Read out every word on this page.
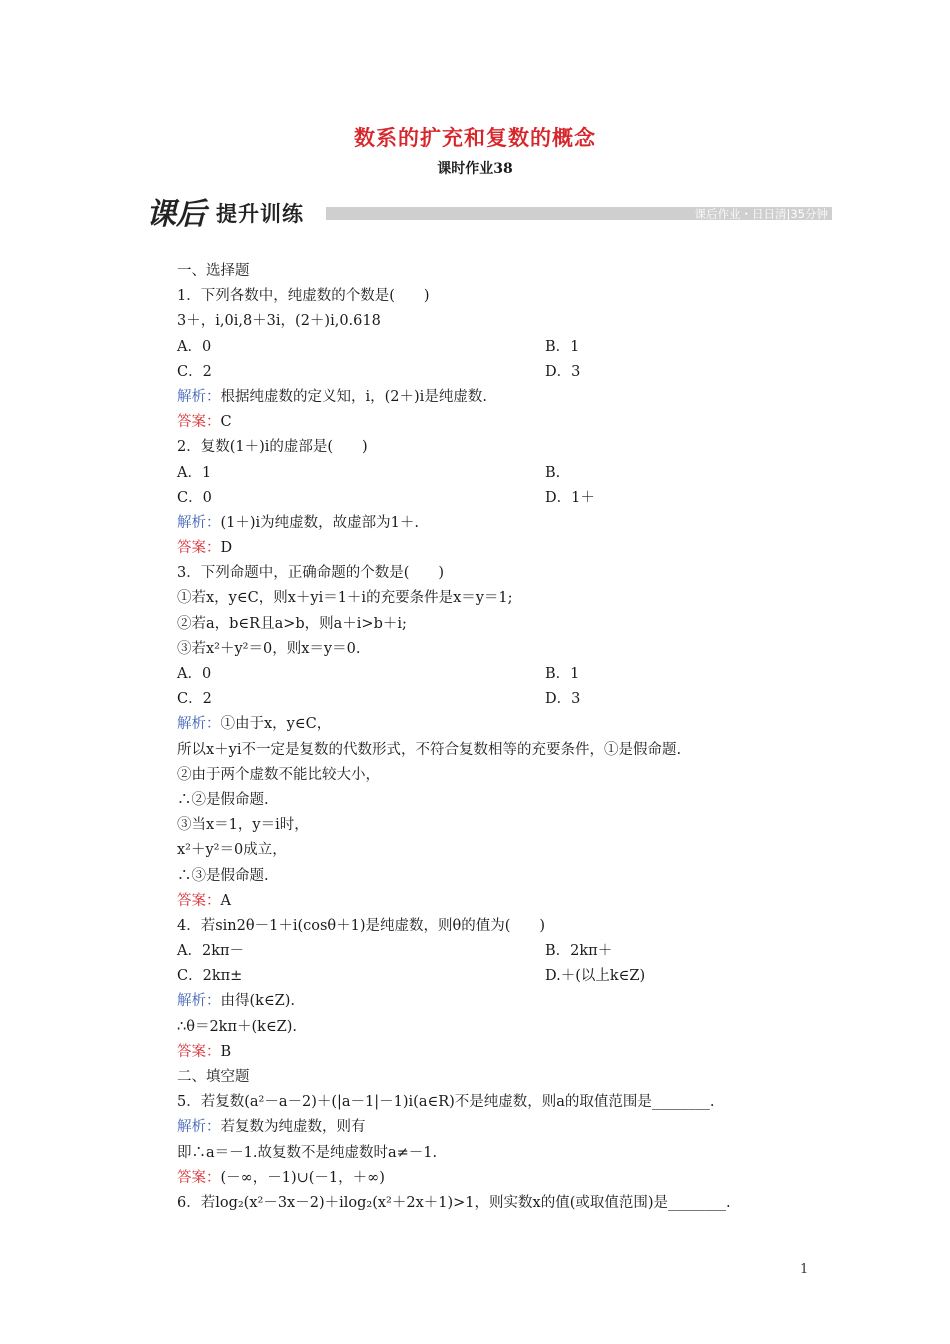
数系的扩充和复数的概念
课时作业38
课后 提升训练	课后作业・日日清|35分钟
一、选择题
1．下列各数中，纯虚数的个数是(　　)
3＋，i,0i,8＋3i，(2＋)i,0.618
A．0	B．1
C．2	D．3
解析：根据纯虚数的定义知，i，(2＋)i是纯虚数.
答案：C
2．复数(1＋)i的虚部是(　　)
A．1	B.
C．0	D．1＋
解析：(1＋)i为纯虚数，故虚部为1＋.
答案：D
3．下列命题中，正确命题的个数是(　　)
①若x，y∈C，则x＋yi＝1＋i的充要条件是x＝y＝1;
②若a，b∈R且a>b，则a＋i>b＋i;
③若x²＋y²＝0，则x＝y＝0.
A．0	B．1
C．2	D．3
解析：①由于x，y∈C，
所以x＋yi不一定是复数的代数形式，不符合复数相等的充要条件，①是假命题.
②由于两个虚数不能比较大小，
∴②是假命题.
③当x＝1，y＝i时，
x²＋y²＝0成立，
∴③是假命题.
答案：A
4．若sin2θ－1＋i(cosθ＋1)是纯虚数，则θ的值为(　　)
A．2kπ－	B．2kπ＋
C．2kπ±	D.＋(以上k∈Z)
解析：由得(k∈Z).
∴θ＝2kπ＋(k∈Z).
答案：B
二、填空题
5．若复数(a²－a－2)＋(|a－1|－1)i(a∈R)不是纯虚数，则a的取值范围是________.
解析：若复数为纯虚数，则有
即∴a＝－1.故复数不是纯虚数时a≠－1.
答案：(－∞，－1)∪(－1，＋∞)
6．若log₂(x²－3x－2)＋ilog₂(x²＋2x＋1)>1，则实数x的值(或取值范围)是________.
1
